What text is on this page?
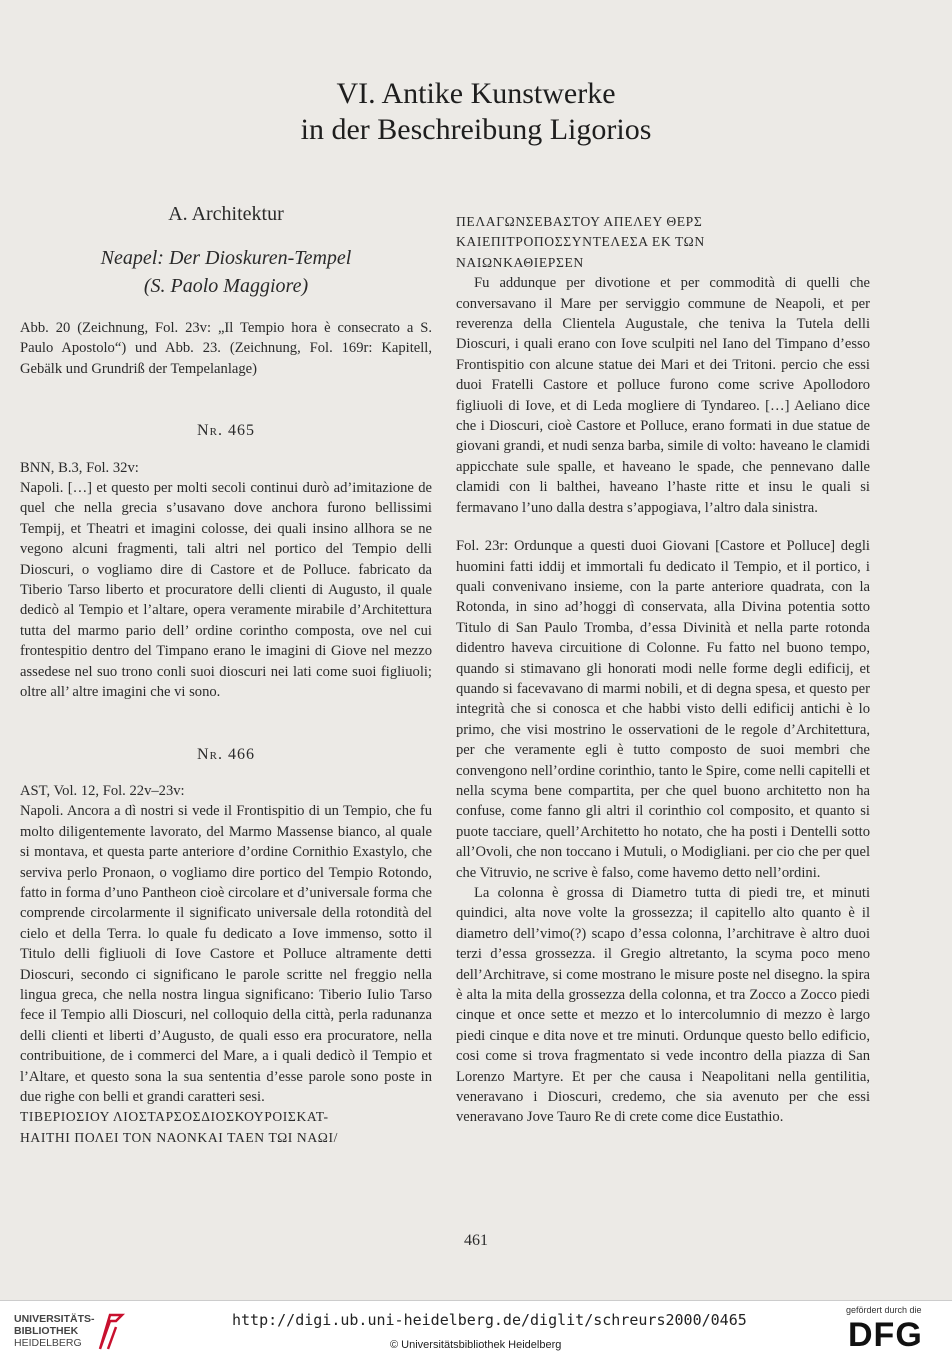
VI. Antike Kunstwerke
in der Beschreibung Ligorios
A. Architektur
Neapel: Der Dioskuren-Tempel
(S. Paolo Maggiore)

Abb. 20 (Zeichnung, Fol. 23v: „Il Tempio hora è consecrato a S. Paulo Apostolo“) und Abb. 23. (Zeichnung, Fol. 169r: Kapitell, Gebälk und Grundriß der Tempelanlage)

Nr. 465

BNN, B.3, Fol. 32v:

Napoli. […] et questo per molti secoli continui durò ad’imitazione de quel che nella grecia s’usavano dove anchora furono bellissimi Tempij, et Theatri et imagini colosse, dei quali insino allhora se ne vegono alcuni fragmenti, tali altri nel portico del Tempio delli Dioscuri, o vogliamo dire di Castore et de Polluce. fabricato da Tiberio Tarso liberto et procuratore delli clienti di Augusto, il quale dedicò al Tempio et l’altare, opera veramente mirabile d’Architettura tutta del marmo pario dell’ ordine corintho composta, ove nel cui frontespitio dentro del Timpano erano le imagini di Giove nel mezzo assedese nel suo trono conli suoi dioscuri nei lati come suoi figliuoli; oltre all’ altre imagini che vi sono.

Nr. 466

AST, Vol. 12, Fol. 22v–23v:

Napoli. Ancora a dì nostri si vede il Frontispitio di un Tempio, che fu molto diligentemente lavorato, del Marmo Massense bianco, al quale si montava, et questa parte anteriore d’ordine Cornithio Exastylo, che serviva perlo Pronaon, o vogliamo dire portico del Tempio Rotondo, fatto in forma d’uno Pantheon cioè circolare et d’universale forma che comprende circolarmente il significato universale della rotondità del cielo et della Terra. lo quale fu dedicato a Iove immenso, sotto il Titulo delli figliuoli di Iove Castore et Polluce altramente detti Dioscuri, secondo ci significano le parole scritte nel freggio nella lingua greca, che nella nostra lingua significano: Tiberio Iulio Tarso fece il Tempio alli Dioscuri, nel colloquio della città, perla radunanza delli clienti et liberti d’Augusto, de quali esso era procuratore, nella contribuitione, de i commerci del Mare, a i quali dedicò il Tempio et l’Altare, et questo sona la sua sententia d’esse parole sono poste in due righe con belli et grandi caratteri sesi.

ΤΙΒΕΡΙΟΣΙΟΥ ΛΙΟΣΤΑΡΣΟΣΔΙΟΣΚΟΥΡΟΙΣΚΑΤ-

ΗΑΙΤΗΙ ΠΟΛΕΙ ΤΟΝ ΝΑΟΝΚΑΙ ΤΑΕΝ ΤΩΙ ΝΑΩΙ/

ΠΕΛΑΓΩΝΣΕΒΑΣΤΟΥ ΑΠΕΛΕΥ ΘΕΡΣ

ΚΑΙΕΠΙΤΡΟΠΟΣΣΥΝΤΕΛΕΣΑ ΕΚ ΤΩΝ

ΝΑΙΩΝΚΑΘΙΕΡΣΕΝ

Fu addunque per divotione et per commodità di quelli che conversavano il Mare per serviggio commune de Neapoli, et per reverenza della Clientela Augustale, che teniva la Tutela delli Dioscuri, i quali erano con Iove sculpiti nel Iano del Timpano d’esso Frontispitio con alcune statue dei Mari et dei Tritoni. percio che essi duoi Fratelli Castore et polluce furono come scrive Apollodoro figliuoli di Iove, et di Leda mogliere di Tyndareo. […] Aeliano dice che i Dioscuri, cioè Castore et Polluce, erano formati in due statue de giovani grandi, et nudi senza barba, simile di volto: haveano le clamidi appicchate sule spalle, et haveano le spade, che pennevano dalle clamidi con li balthei, haveano l’haste ritte et insu le quali si fermavano l’uno dalla destra s’appogiava, l’altro dala sinistra.

Fol. 23r: Ordunque a questi duoi Giovani [Castore et Polluce] degli huomini fatti iddij et immortali fu dedicato il Tempio, et il portico, i quali convenivano insieme, con la parte anteriore quadrata, con la Rotonda, in sino ad’hoggi dì conservata, alla Divina potentia sotto Titulo di San Paulo Tromba, d’essa Divinità et nella parte rotonda didentro haveva circuitione di Colonne. Fu fatto nel buono tempo, quando si stimavano gli honorati modi nelle forme degli edificij, et quando si facevavano di marmi nobili, et di degna spesa, et questo per integrità che si conosca et che habbi visto delli edificij antichi è lo primo, che visi mostrino le osservationi de le regole d’Architettura, per che veramente egli è tutto composto de suoi membri che convengono nell’ordine corinthio, tanto le Spire, come nelli capitelli et nella scyma bene compartita, per che quel buono architetto non ha confuse, come fanno gli altri il corinthio col composito, et quanto si puote tacciare, quell’Architetto ho notato, che ha posti i Dentelli sotto all’Ovoli, che non toccano i Mutuli, o Modigliani. per cio che per quel che Vitruvio, ne scrive è falso, come havemo detto nell’ordini.

La colonna è grossa di Diametro tutta di piedi tre, et minuti quindici, alta nove volte la grossezza; il capitello alto quanto è il diametro dell’vimo(?) scapo d’essa colonna, l’architrave è altro duoi terzi d’essa grossezza. il Gregio altretanto, la scyma poco meno dell’Architrave, si come mostrano le misure poste nel disegno. la spira è alta la mita della grossezza della colonna, et tra Zocco a Zocco piedi cinque et once sette et mezzo et lo intercolumnio di mezzo è largo piedi cinque e dita nove et tre minuti. Ordunque questo bello edificio, cosi come si trova fragmentato si vede incontro della piazza di San Lorenzo Martyre. Et per che causa i Neapolitani nella gentilitia, veneravano i Dioscuri, credemo, che sia avenuto per che essi veneravano Jove Tauro Re di crete come dice Eustathio.

461
UNIVERSITÄTS-
BIBLIOTHEK
HEIDELBERG
http://digi.ub.uni-heidelberg.de/diglit/schreurs2000/0465
© Universitätsbibliothek Heidelberg
gefördert durch die
DFG
